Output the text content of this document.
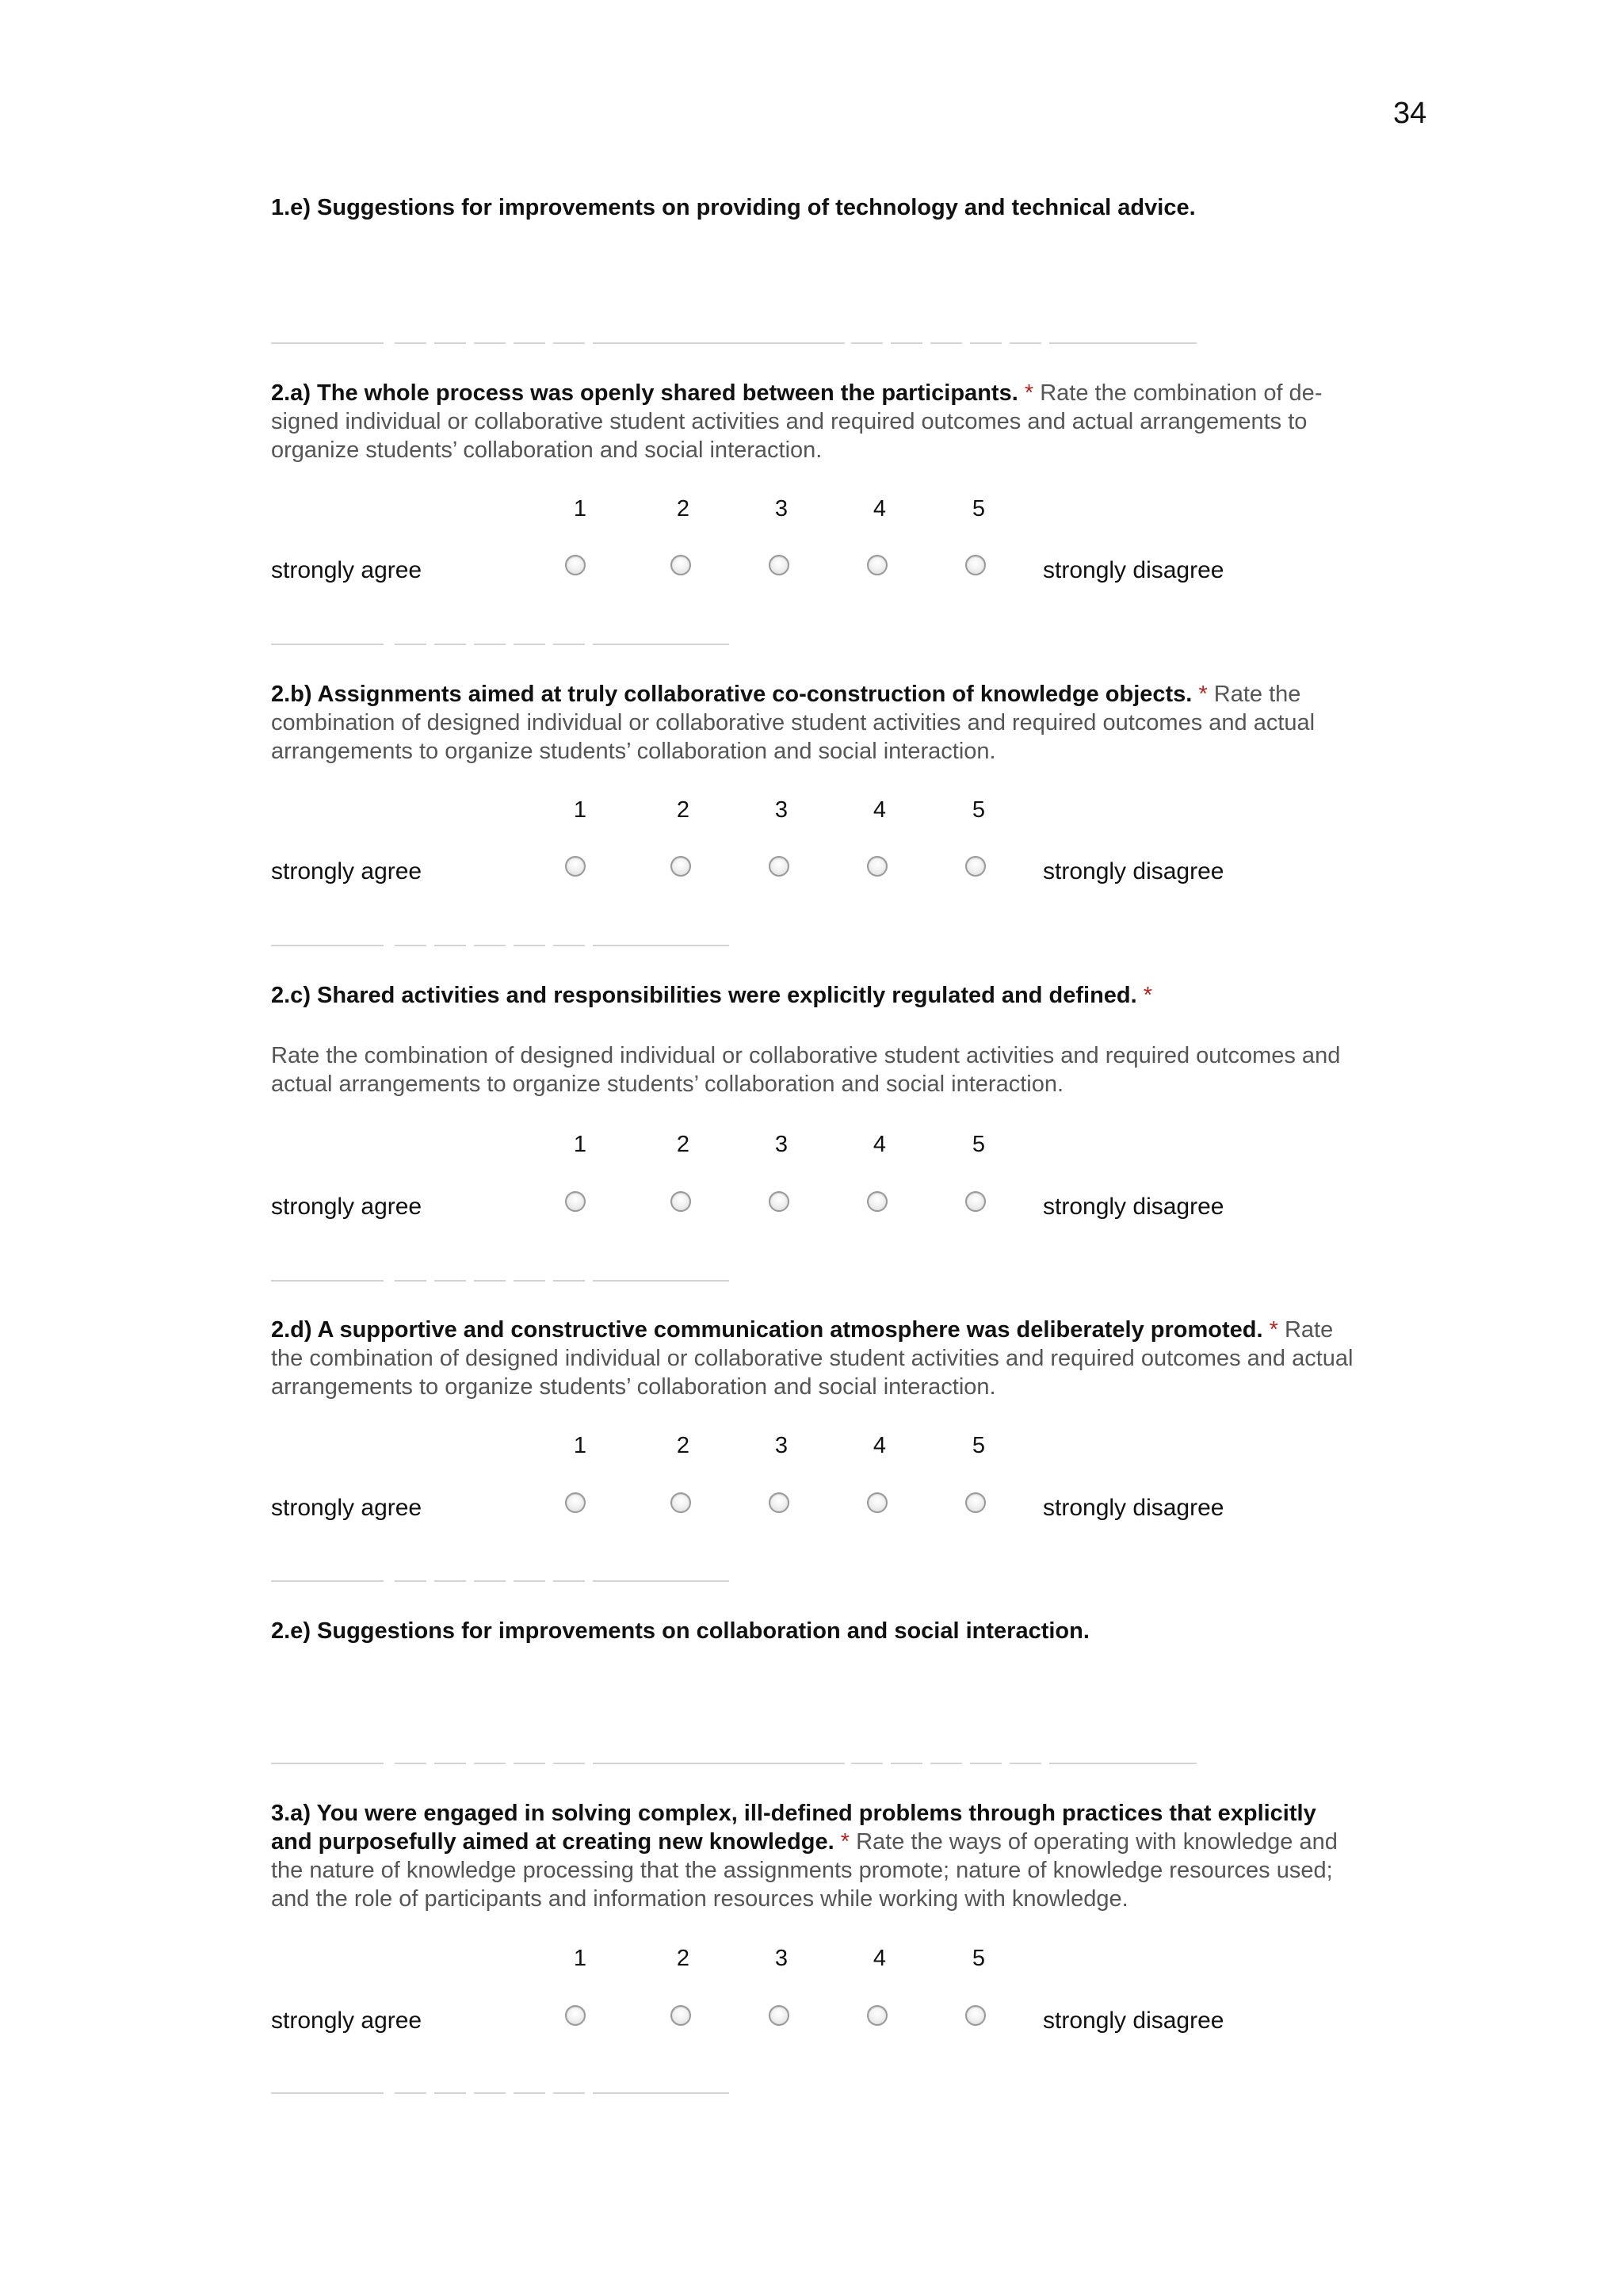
34
1.e) Suggestions for improvements on providing of technology and technical advice.
2.a) The whole process was openly shared between the participants. * Rate the combination of de-
signed individual or collaborative student activities and required outcomes and actual arrangements to
organize students’ collaboration and social interaction.
1	2	3	4	5
strongly agree	strongly disagree
2.b) Assignments aimed at truly collaborative co-construction of knowledge objects. * Rate the
combination of designed individual or collaborative student activities and required outcomes and actual
arrangements to organize students’ collaboration and social interaction.
1	2	3	4	5
strongly agree	strongly disagree
2.c) Shared activities and responsibilities were explicitly regulated and defined. *
Rate the combination of designed individual or collaborative student activities and required outcomes and
actual arrangements to organize students’ collaboration and social interaction.
1	2	3	4	5
strongly agree	strongly disagree
2.d) A supportive and constructive communication atmosphere was deliberately promoted. * Rate
the combination of designed individual or collaborative student activities and required outcomes and actual
arrangements to organize students’ collaboration and social interaction.
1	2	3	4	5
strongly agree	strongly disagree
2.e) Suggestions for improvements on collaboration and social interaction.
3.a) You were engaged in solving complex, ill-defined problems through practices that explicitly
and purposefully aimed at creating new knowledge. * Rate the ways of operating with knowledge and
the nature of knowledge processing that the assignments promote; nature of knowledge resources used;
and the role of participants and information resources while working with knowledge.
1	2	3	4	5
strongly agree	strongly disagree
